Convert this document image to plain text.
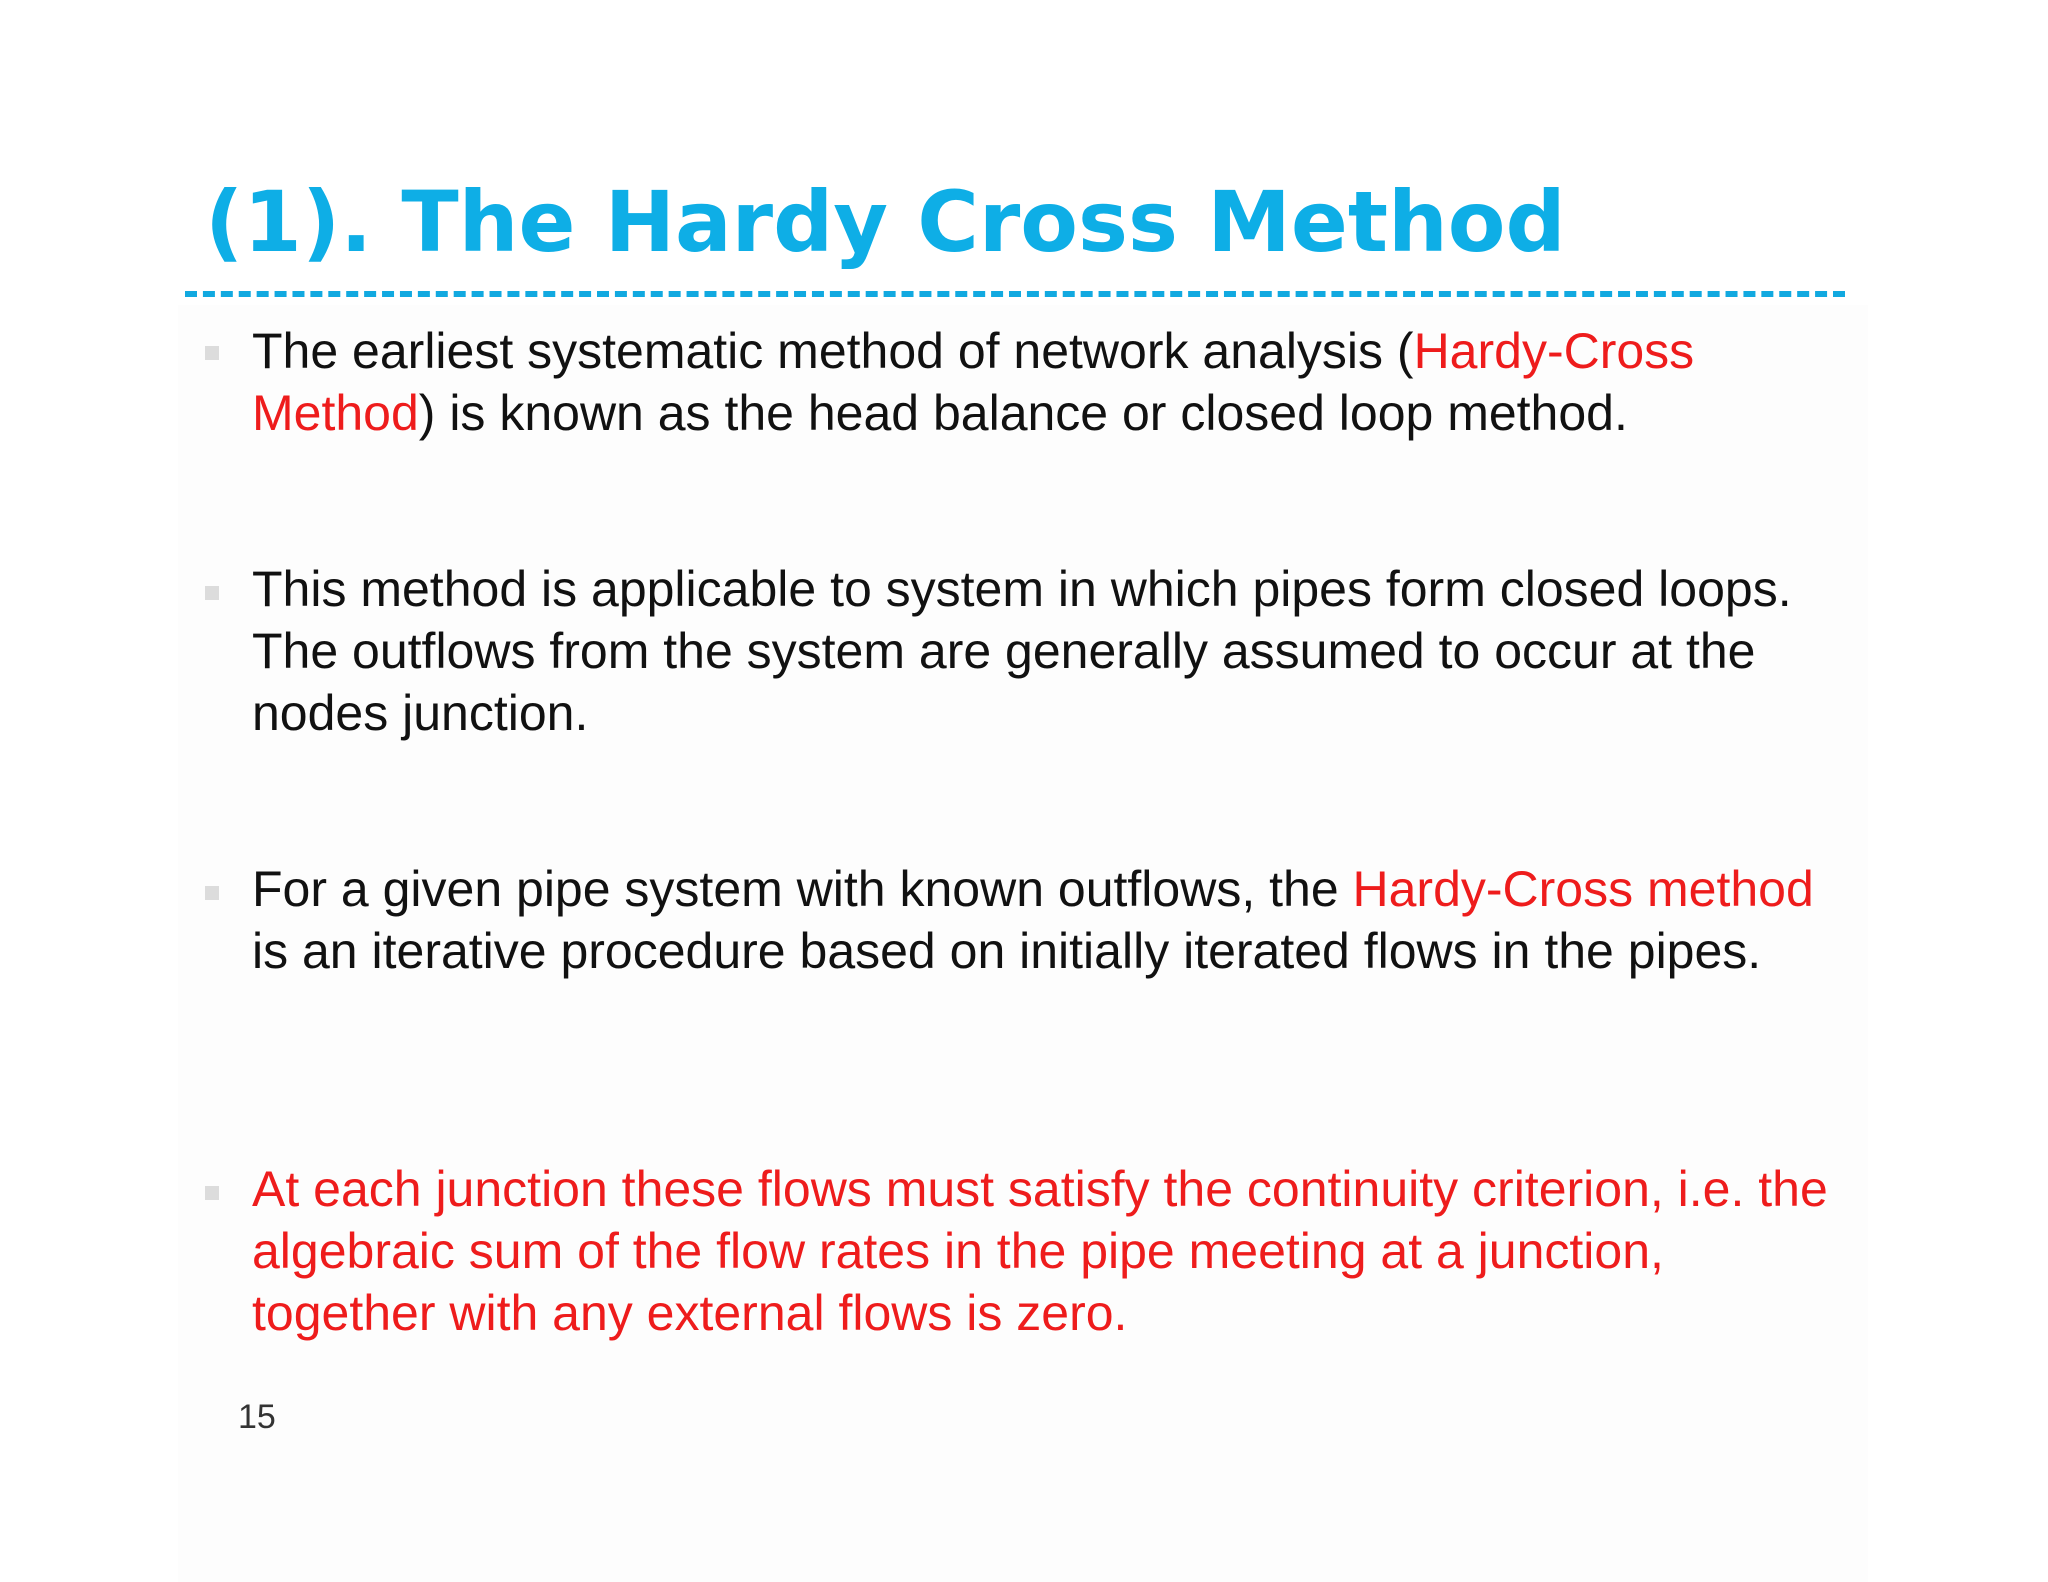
(1). The Hardy Cross Method

The earliest systematic method of network analysis (Hardy-Cross Method) is known as the head balance or closed loop method.

This method is applicable to system in which pipes form closed loops. The outflows from the system are generally assumed to occur at the nodes junction.

For a given pipe system with known outflows, the Hardy-Cross method is an iterative procedure based on initially iterated flows in the pipes.

At each junction these flows must satisfy the continuity criterion, i.e. the algebraic sum of the flow rates in the pipe meeting at a junction, together with any external flows is zero.

15
